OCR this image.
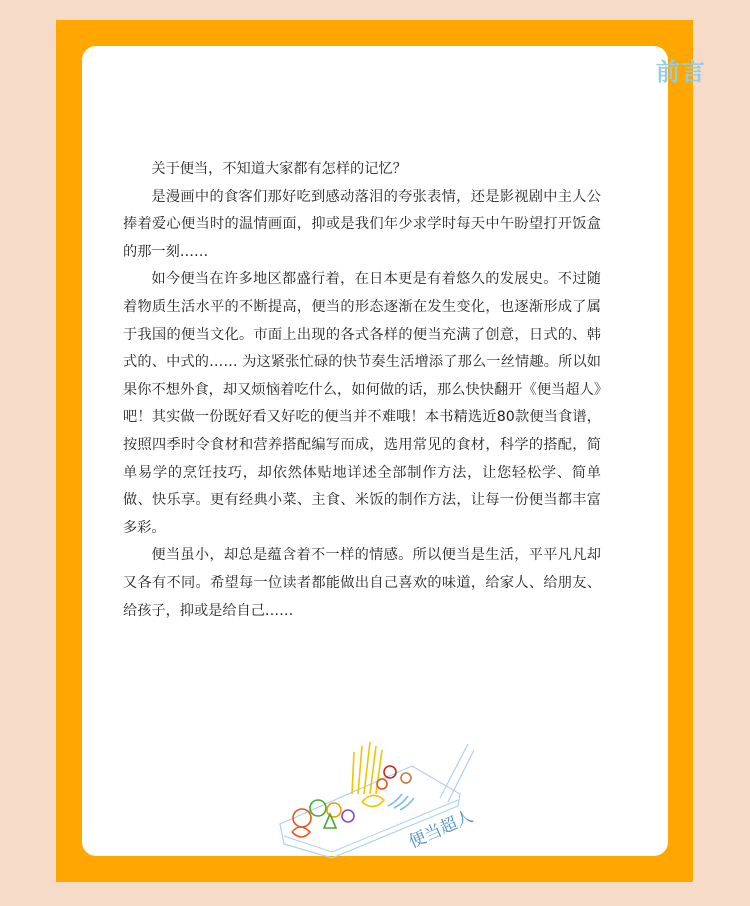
前言

关于便当，不知道大家都有怎样的记忆？

是漫画中的食客们那好吃到感动落泪的夸张表情，还是影视剧中主人公捧着爱心便当时的温情画面，抑或是我们年少求学时每天中午盼望打开饭盒的那一刻……

如今便当在许多地区都盛行着，在日本更是有着悠久的发展史。不过随着物质生活水平的不断提高，便当的形态逐渐在发生变化，也逐渐形成了属于我国的便当文化。市面上出现的各式各样的便当充满了创意，日式的、韩式的、中式的…… 为这紧张忙碌的快节奏生活增添了那么一丝情趣。所以如果你不想外食，却又烦恼着吃什么，如何做的话，那么快快翻开《便当超人》吧！其实做一份既好看又好吃的便当并不难哦！本书精选近80款便当食谱，按照四季时令食材和营养搭配编写而成，选用常见的食材，科学的搭配，简单易学的烹饪技巧，却依然体贴地详述全部制作方法，让您轻松学、简单做、快乐享。更有经典小菜、主食、米饭的制作方法，让每一份便当都丰富多彩。

便当虽小，却总是蕴含着不一样的情感。所以便当是生活，平平凡凡却又各有不同。希望每一位读者都能做出自己喜欢的味道，给家人、给朋友、给孩子，抑或是给自己……

便当超人
